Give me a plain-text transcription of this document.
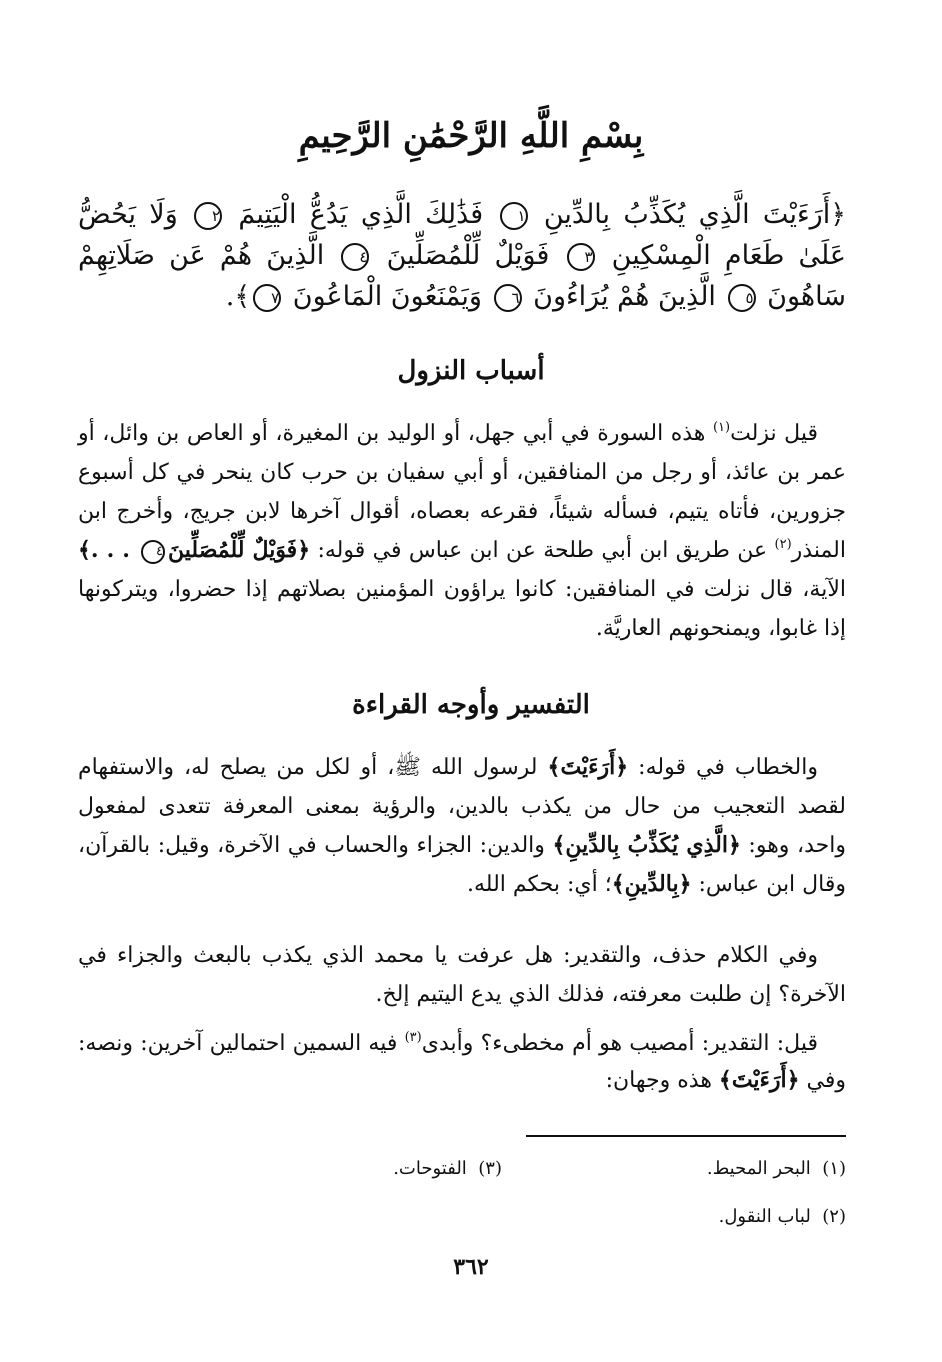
بِسْمِ اللَّهِ الرَّحْمَٰنِ الرَّحِيمِ
﴿أَرَءَيْتَ الَّذِي يُكَذِّبُ بِالدِّينِ ١ فَذَٰلِكَ الَّذِي يَدُعُّ الْيَتِيمَ ٢ وَلَا يَحُضُّ عَلَىٰ طَعَامِ الْمِسْكِينِ ٣ فَوَيْلٌ لِّلْمُصَلِّينَ ٤ الَّذِينَ هُمْ عَن صَلَاتِهِمْ سَاهُونَ ٥ الَّذِينَ هُمْ يُرَاءُونَ ٦ وَيَمْنَعُونَ الْمَاعُونَ ٧﴾.
أسباب النزول
قيل نزلت$^{(١)}$ هذه السورة في أبي جهل، أو الوليد بن المغيرة، أو العاص بن وائل، أو عمر بن عائذ، أو رجل من المنافقين، أو أبي سفيان بن حرب كان ينحر في كل أسبوع جزورين، فأتاه يتيم، فسأله شيئاً، فقرعه بعصاه، أقوال آخرها لابن جريج، وأخرج ابن المنذر$^{(٢)}$ عن طريق ابن أبي طلحة عن ابن عباس في قوله: ﴿فَوَيْلٌ لِّلْمُصَلِّينَ٤ . . .﴾ الآية، قال نزلت في المنافقين: كانوا يراؤون المؤمنين بصلاتهم إذا حضروا، ويتركونها إذا غابوا، ويمنحونهم العاريَّة.
التفسير وأوجه القراءة
والخطاب في قوله: ﴿أَرَءَيْتَ﴾ لرسول الله ﷺ، أو لكل من يصلح له، والاستفهام لقصد التعجيب من حال من يكذب بالدين، والرؤية بمعنى المعرفة تتعدى لمفعول واحد، وهو: ﴿الَّذِي يُكَذِّبُ بِالدِّينِ﴾ والدين: الجزاء والحساب في الآخرة، وقيل: بالقرآن، وقال ابن عباس: ﴿بِالدِّينِ﴾؛ أي: بحكم الله.
وفي الكلام حذف، والتقدير: هل عرفت يا محمد الذي يكذب بالبعث والجزاء في الآخرة؟ إن طلبت معرفته، فذلك الذي يدع اليتيم إلخ.
قيل: التقدير: أمصيب هو أم مخطىء؟ وأبدى$^{(٣)}$ فيه السمين احتمالين آخرين: ونصه: وفي ﴿أَرَءَيْتَ﴾ هذه وجهان:
(١)  البحر المحيط.
(٣)  الفتوحات.
(٢)  لباب النقول.
٣٦٢
